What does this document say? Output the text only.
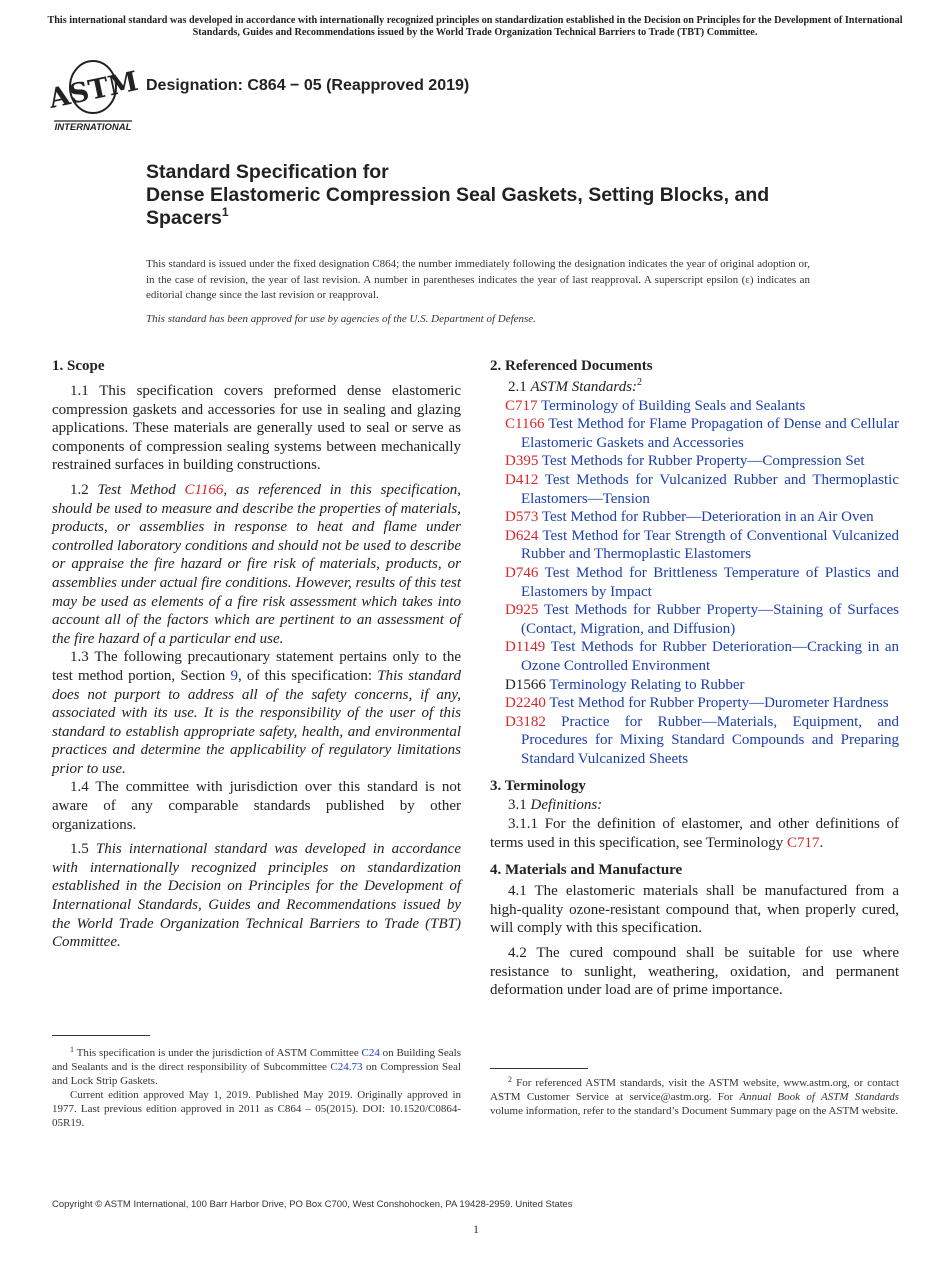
This international standard was developed in accordance with internationally recognized principles on standardization established in the Decision on Principles for the Development of International Standards, Guides and Recommendations issued by the World Trade Organization Technical Barriers to Trade (TBT) Committee.
ASTM
INTERNATIONAL
Designation: C864 − 05 (Reapproved 2019)
Standard Specification for
Dense Elastomeric Compression Seal Gaskets, Setting Blocks, and Spacers$^1$
This standard is issued under the fixed designation C864; the number immediately following the designation indicates the year of original adoption or, in the case of revision, the year of last revision. A number in parentheses indicates the year of last reapproval. A superscript epsilon (ε) indicates an editorial change since the last revision or reapproval.
This standard has been approved for use by agencies of the U.S. Department of Defense.
1. Scope

1.1 This specification covers preformed dense elastomeric compression gaskets and accessories for use in sealing and glazing applications. These materials are generally used to seal or serve as components of compression sealing systems between mechanically restrained surfaces in building constructions.

1.2 Test Method C1166, as referenced in this specification, should be used to measure and describe the properties of materials, products, or assemblies in response to heat and flame under controlled laboratory conditions and should not be used to describe or appraise the fire hazard or fire risk of materials, products, or assemblies under actual fire conditions. However, results of this test may be used as elements of a fire risk assessment which takes into account all of the factors which are pertinent to an assessment of the fire hazard of a particular end use.

1.3 The following precautionary statement pertains only to the test method portion, Section 9, of this specification: This standard does not purport to address all of the safety concerns, if any, associated with its use. It is the responsibility of the user of this standard to establish appropriate safety, health, and environmental practices and determine the applicability of regulatory limitations prior to use.

1.4 The committee with jurisdiction over this standard is not aware of any comparable standards published by other organizations.

1.5 This international standard was developed in accordance with internationally recognized principles on standardization established in the Decision on Principles for the Development of International Standards, Guides and Recommendations issued by the World Trade Organization Technical Barriers to Trade (TBT) Committee.

$^1$ This specification is under the jurisdiction of ASTM Committee C24 on Building Seals and Sealants and is the direct responsibility of Subcommittee C24.73 on Compression Seal and Lock Strip Gaskets.

Current edition approved May 1, 2019. Published May 2019. Originally approved in 1977. Last previous edition approved in 2011 as C864 – 05(2015). DOI: 10.1520/C0864-05R19.

2. Referenced Documents

2.1 ASTM Standards:$^2$

C717 Terminology of Building Seals and Sealants

C1166 Test Method for Flame Propagation of Dense and Cellular Elastomeric Gaskets and Accessories

D395 Test Methods for Rubber Property—Compression Set

D412 Test Methods for Vulcanized Rubber and Thermoplastic Elastomers—Tension

D573 Test Method for Rubber—Deterioration in an Air Oven

D624 Test Method for Tear Strength of Conventional Vulcanized Rubber and Thermoplastic Elastomers

D746 Test Method for Brittleness Temperature of Plastics and Elastomers by Impact

D925 Test Methods for Rubber Property—Staining of Surfaces (Contact, Migration, and Diffusion)

D1149 Test Methods for Rubber Deterioration—Cracking in an Ozone Controlled Environment

D1566 Terminology Relating to Rubber

D2240 Test Method for Rubber Property—Durometer Hardness

D3182 Practice for Rubber—Materials, Equipment, and Procedures for Mixing Standard Compounds and Preparing Standard Vulcanized Sheets

3. Terminology

3.1 Definitions:

3.1.1 For the definition of elastomer, and other definitions of terms used in this specification, see Terminology C717.

4. Materials and Manufacture

4.1 The elastomeric materials shall be manufactured from a high-quality ozone-resistant compound that, when properly cured, will comply with this specification.

4.2 The cured compound shall be suitable for use where resistance to sunlight, weathering, oxidation, and permanent deformation under load are of prime importance.

$^2$ For referenced ASTM standards, visit the ASTM website, www.astm.org, or contact ASTM Customer Service at service@astm.org. For Annual Book of ASTM Standards volume information, refer to the standard’s Document Summary page on the ASTM website.

Copyright © ASTM International, 100 Barr Harbor Drive, PO Box C700, West Conshohocken, PA 19428-2959. United States
1
